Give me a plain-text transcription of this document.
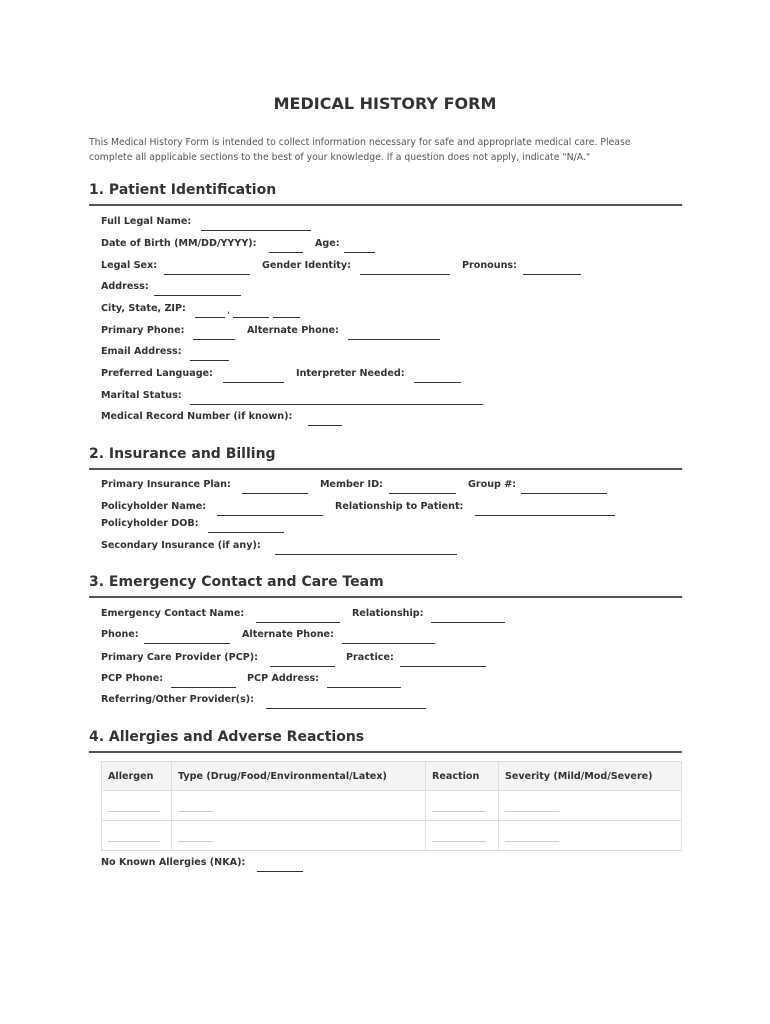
MEDICAL HISTORY FORM
This Medical History Form is intended to collect information necessary for safe and appropriate medical care. Please
complete all applicable sections to the best of your knowledge. If a question does not apply, indicate "N/A."
1. Patient Identification
Full Legal Name:
Date of Birth (MM/DD/YYYY):	Age:
Legal Sex:	Gender Identity:	Pronouns:
Address:
City, State, ZIP:	,
Primary Phone:	Alternate Phone:
Email Address:
Preferred Language:	Interpreter Needed:
Marital Status:
Medical Record Number (if known):
2. Insurance and Billing
Primary Insurance Plan:	Member ID:	Group #:
Policyholder Name:	Relationship to Patient:
Policyholder DOB:
Secondary Insurance (if any):
3. Emergency Contact and Care Team
Emergency Contact Name:	Relationship:
Phone:	Alternate Phone:
Primary Care Provider (PCP):	Practice:
PCP Phone:	PCP Address:
Referring/Other Provider(s):
4. Allergies and Adverse Reactions
Allergen	Type (Drug/Food/Environmental/Latex)	Reaction	Severity (Mild/Mod/Severe)

No Known Allergies (NKA):
